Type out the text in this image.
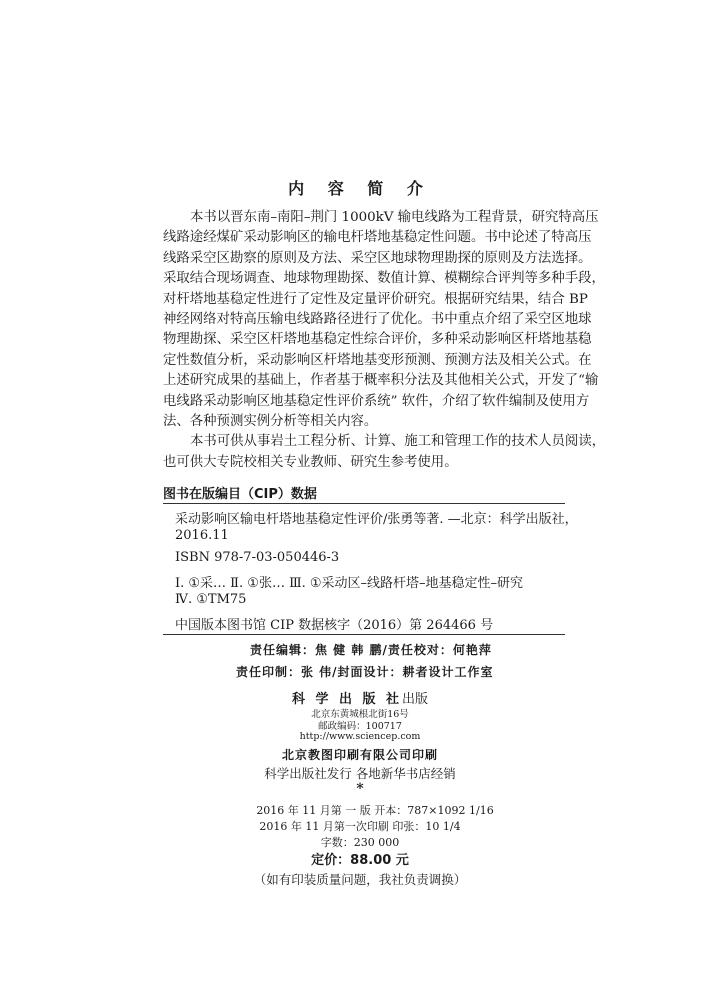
内 容 简 介
本书以晋东南–南阳–荆门 1000kV 输电线路为工程背景，研究特高压
线路途经煤矿采动影响区的输电杆塔地基稳定性问题。书中论述了特高压
线路采空区勘察的原则及方法、采空区地球物理勘探的原则及方法选择。
采取结合现场调查、地球物理勘探、数值计算、模糊综合评判等多种手段，
对杆塔地基稳定性进行了定性及定量评价研究。根据研究结果，结合 BP
神经网络对特高压输电线路路径进行了优化。书中重点介绍了采空区地球
物理勘探、采空区杆塔地基稳定性综合评价，多种采动影响区杆塔地基稳
定性数值分析，采动影响区杆塔地基变形预测、预测方法及相关公式。在
上述研究成果的基础上，作者基于概率积分法及其他相关公式，开发了“输
电线路采动影响区地基稳定性评价系统” 软件，介绍了软件编制及使用方
法、各种预测实例分析等相关内容。
本书可供从事岩土工程分析、计算、施工和管理工作的技术人员阅读，
也可供大专院校相关专业教师、研究生参考使用。
图书在版编目（CIP）数据
采动影响区输电杆塔地基稳定性评价/张勇等著. —北京：科学出版社，
2016.11
ISBN 978-7-03-050446-3
Ⅰ. ①采… Ⅱ. ①张… Ⅲ. ①采动区–线路杆塔–地基稳定性–研究
Ⅳ. ①TM75
中国版本图书馆 CIP 数据核字（2016）第 264466 号
责任编辑：焦 健 韩 鹏/责任校对：何艳萍
责任印制：张 伟/封面设计：耕者设计工作室
科 学 出 版 社出版
北京东黄城根北街16号
邮政编码：100717
http://www.sciencep.com
北京教图印刷有限公司印刷
科学出版社发行 各地新华书店经销
*
2016 年 11 月第 一 版 开本：787×1092 1/16
2016 年 11 月第一次印刷 印张：10 1/4
字数：230 000
定价：88.00 元
（如有印装质量问题，我社负责调换）
